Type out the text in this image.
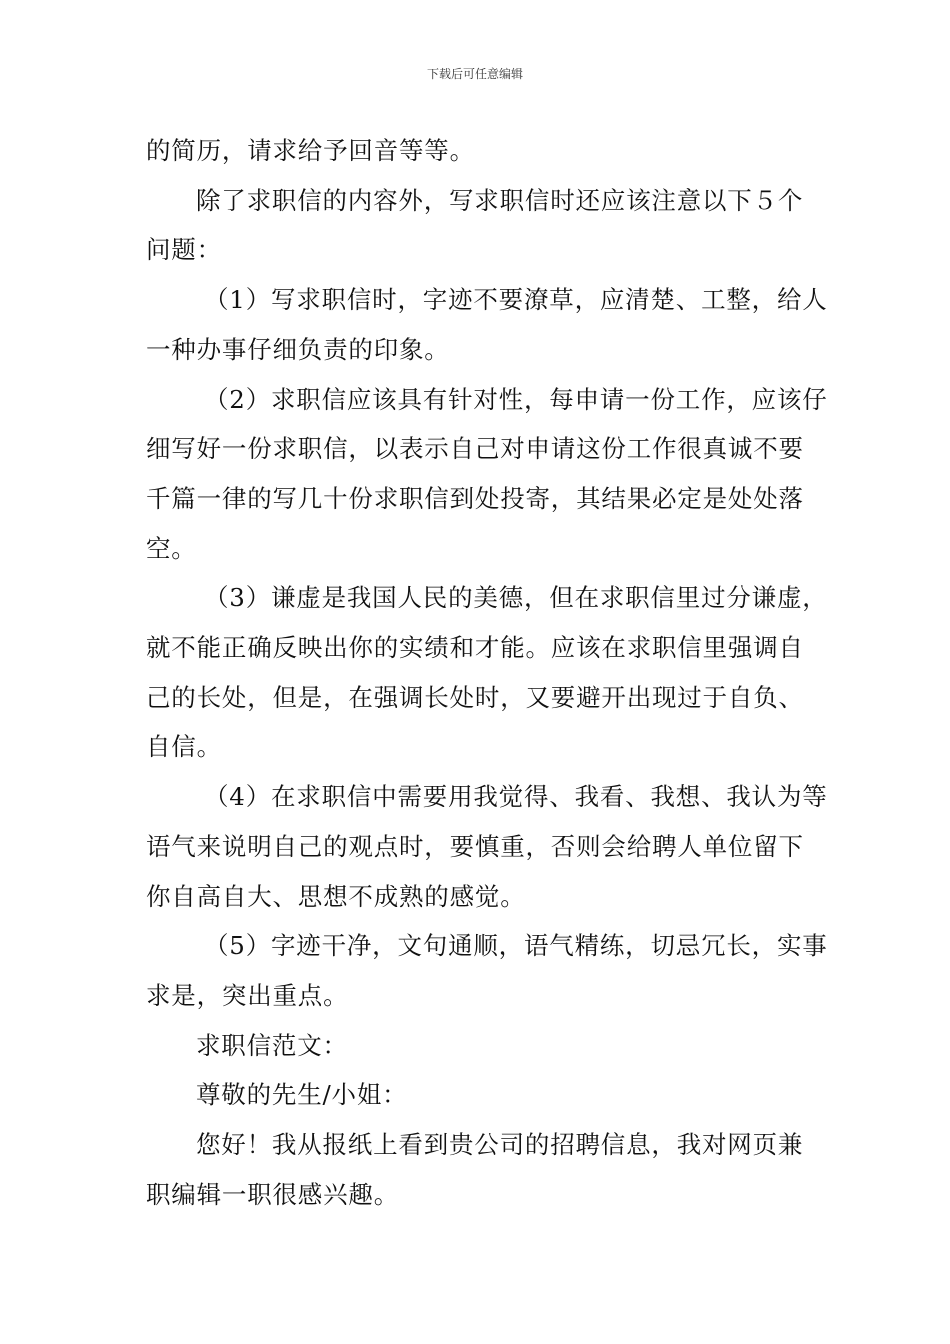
下载后可任意编辑

的简历，请求给予回音等等。

除了求职信的内容外，写求职信时还应该注意以下５个问题：

（1）写求职信时，字迹不要潦草，应清楚、工整，给人一种办事仔细负责的印象。

（2）求职信应该具有针对性，每申请一份工作，应该仔细写好一份求职信，以表示自己对申请这份工作很真诚不要千篇一律的写几十份求职信到处投寄，其结果必定是处处落空。

（3）谦虚是我国人民的美德，但在求职信里过分谦虚，就不能正确反映出你的实绩和才能。应该在求职信里强调自己的长处，但是，在强调长处时，又要避开出现过于自负、自信。

（4）在求职信中需要用我觉得、我看、我想、我认为等语气来说明自己的观点时，要慎重，否则会给聘人单位留下你自高自大、思想不成熟的感觉。

（5）字迹干净，文句通顺，语气精练，切忌冗长，实事求是，突出重点。

求职信范文：

尊敬的先生/小姐：

您好！我从报纸上看到贵公司的招聘信息，我对网页兼职编辑一职很感兴趣。
